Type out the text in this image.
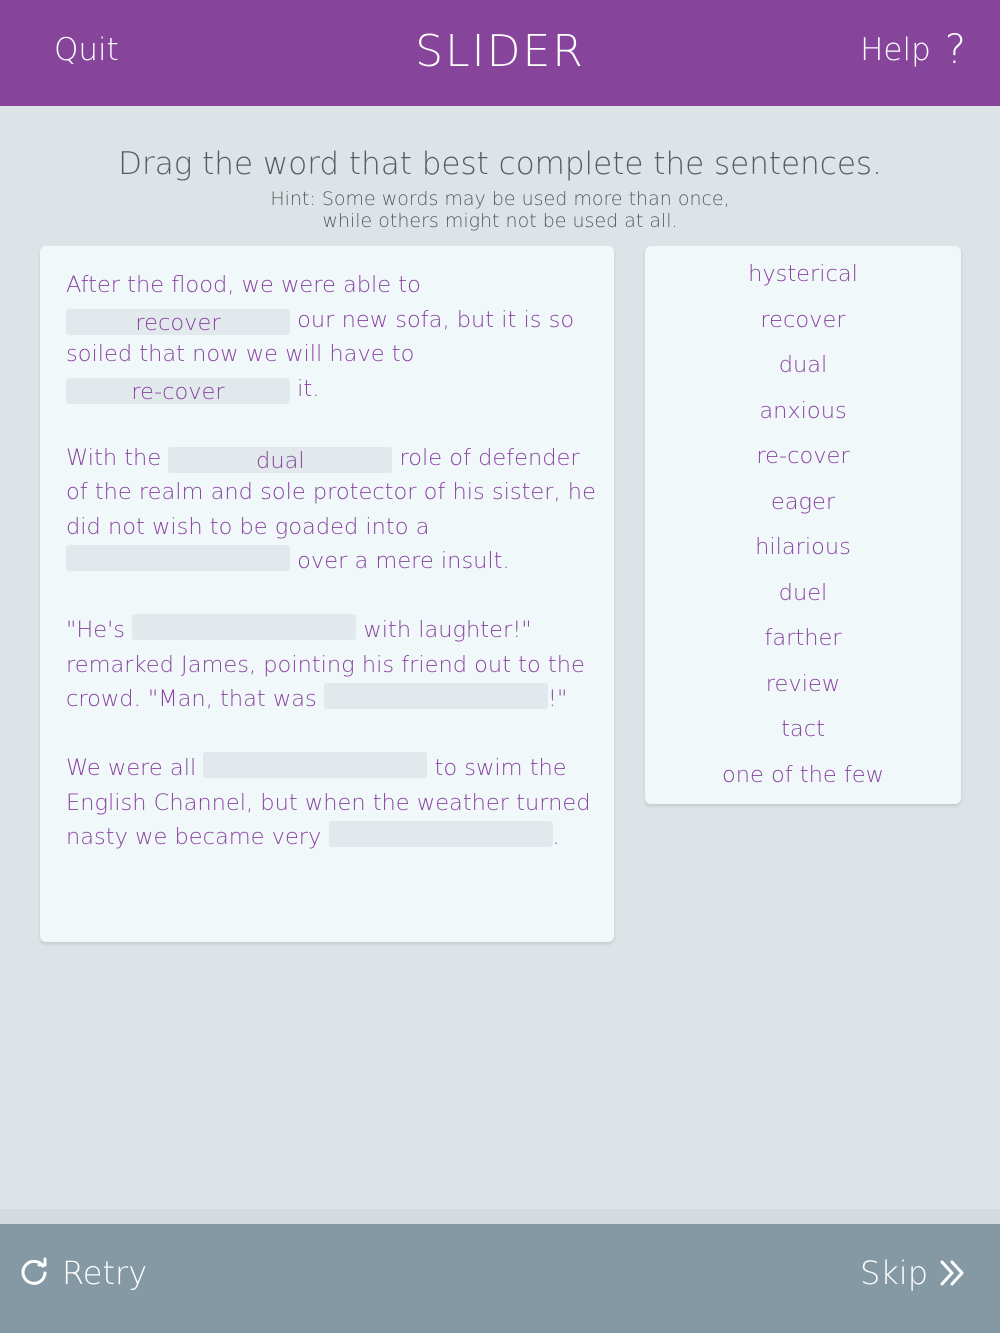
Quit	SLIDER	Help ?
Drag the word that best complete the sentences.
Hint: Some words may be used more than once,
while others might not be used at all.
After the flood, we were able to recover	our new sofa, but it is so soiled that now we will have to re-cover	it.
With the	dual	role of defender of the realm and sole protector of his sister, he did not wish to be goaded into a  over a mere insult.
"He's	with laughter!" remarked James, pointing his friend out to the crowd. "Man, that was	!"
We were all	to swim the English Channel, but when the weather turned nasty we became very	.
hysterical
recover
dual
anxious
re-cover
eager
hilarious
duel
farther
review
tact
one of the few
Retry	Skip
